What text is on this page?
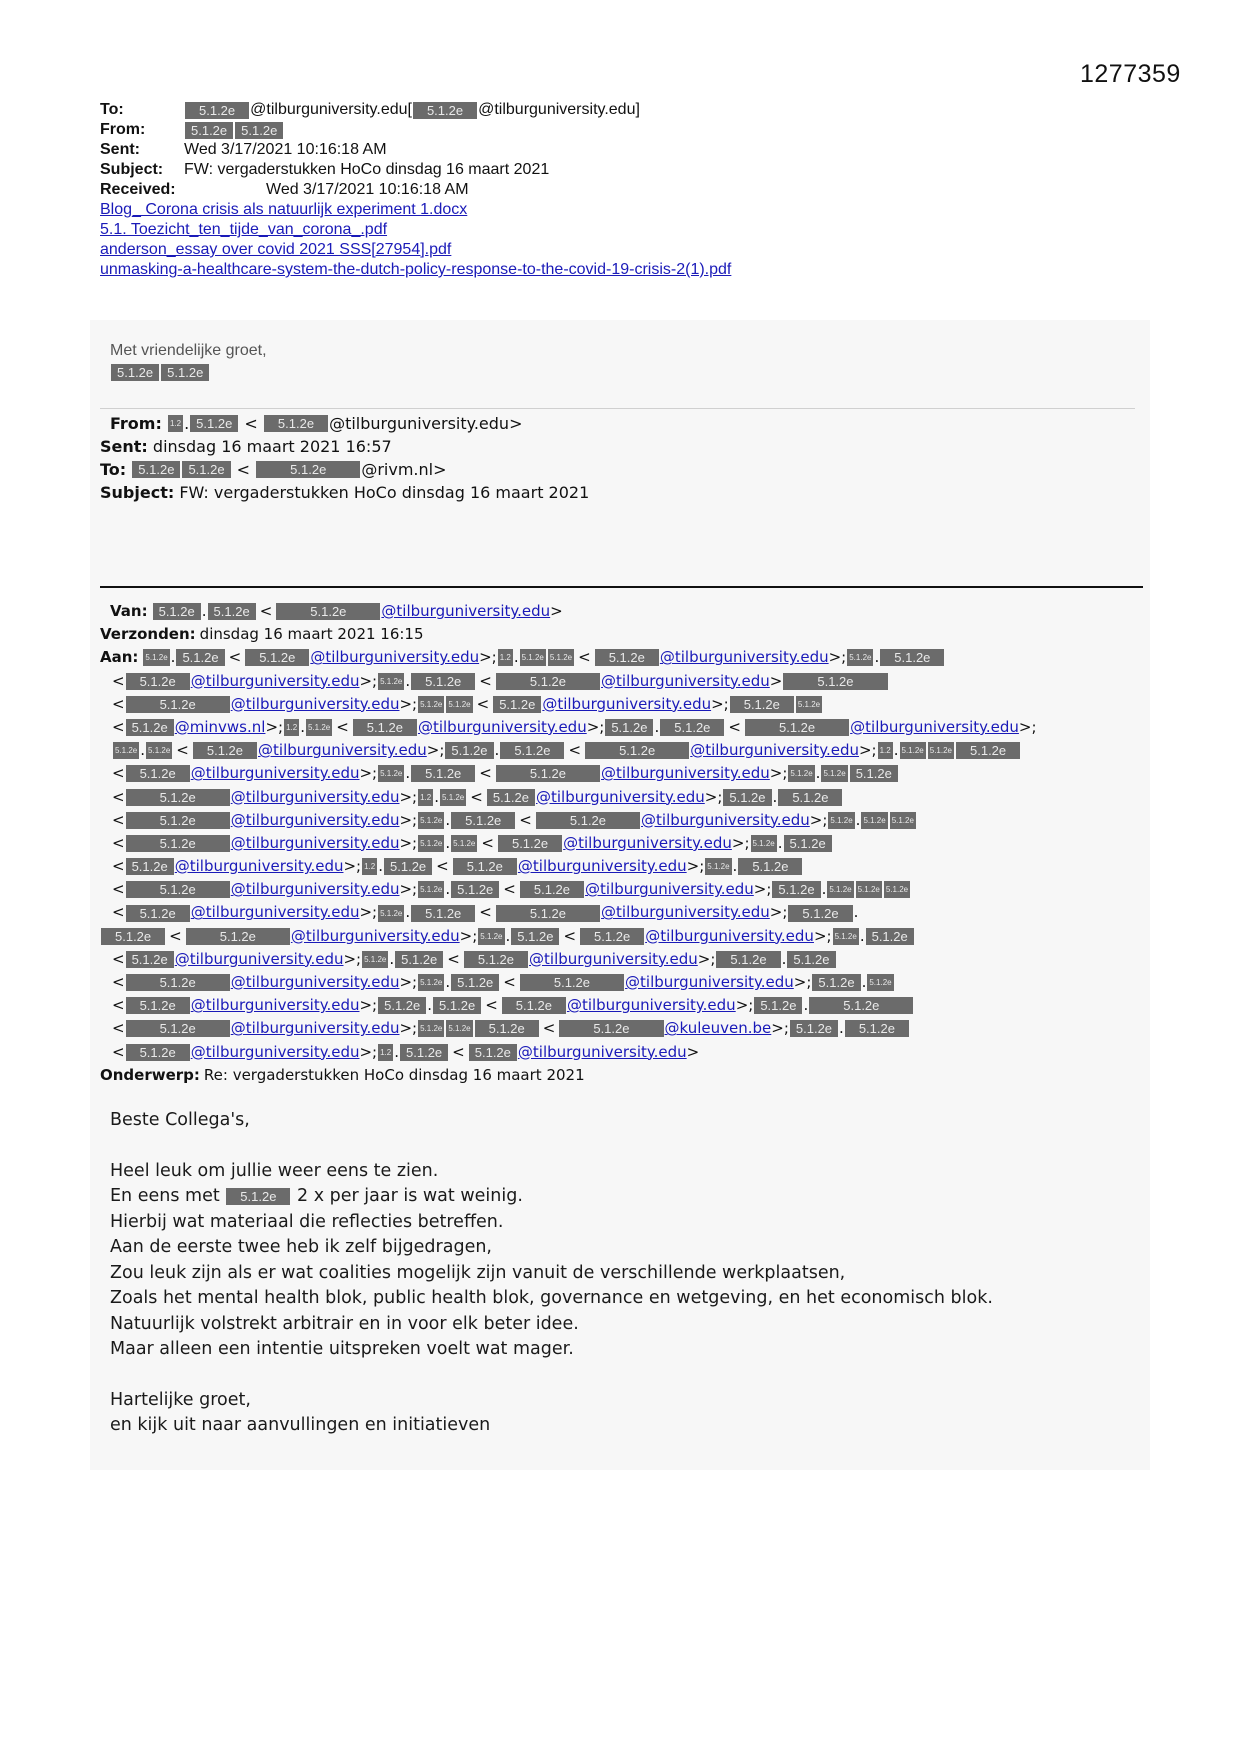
1277359
To:	5.1.2e @tilburguniversity.edu[	5.1.2e @tilburguniversity.edu]
From:	5.1.2e	5.1.2e
Sent:	Wed 3/17/2021 10:16:18 AM
Subject:	FW: vergaderstukken HoCo dinsdag 16 maart 2021
Received:	Wed 3/17/2021 10:16:18 AM
Blog_ Corona crisis als natuurlijk experiment 1.docx
5.1. Toezicht_ten_tijde_van_corona_.pdf
anderson_essay over covid 2021 SSS[27954].pdf
unmasking-a-healthcare-system-the-dutch-policy-response-to-the-covid-19-crisis-2(1).pdf
Met vriendelijke groet,
5.1.2e 5.1.2e
From:
1.2 . 5.1.2e <	5.1.2e @tilburguniversity.edu>
Sent:
dinsdag 16 maart 2021 16:57
To:
5.1.2e	5.1.2e <	5.1.2e	@rivm.nl>
Subject:
FW: vergaderstukken HoCo dinsdag 16 maart 2021
Van: 5.1.2e . 5.1.2e <	5.1.2e	@tilburguniversity.edu >
Verzonden: dinsdag 16 maart 2021 16:15
Aan: 5.1.2e . 5.1.2e <	5.1.2e	@tilburguniversity.edu >; 1.2 . 5.1.2e 5.1.2e <	5.1.2e	@tilburguniversity.edu >; 5.1.2e .	5.1.2e
<	5.1.2e	@tilburguniversity.edu >; 5.1.2e .	5.1.2e	<	5.1.2e	@tilburguniversity.edu >	5.1.2e
<	5.1.2e	@tilburguniversity.edu >; 5.1.2e 5.1.2e < 5.1.2e @tilburguniversity.edu >;	5.1.2e	5.1.2e
< 5.1.2e @minvws.nl >; 1.2 . 5.1.2e <	5.1.2e	@tilburguniversity.edu >; 5.1.2e .	5.1.2e	<	5.1.2e	@tilburguniversity.edu >;
5.1.2e . 5.1.2e <	5.1.2e	@tilburguniversity.edu >; 5.1.2e .	5.1.2e	<	5.1.2e	@tilburguniversity.edu >; 1.2 . 5.1.2e 5.1.2e	5.1.2e
<	5.1.2e	@tilburguniversity.edu >; 5.1.2e .	5.1.2e	<	5.1.2e	@tilburguniversity.edu >; 5.1.2e . 5.1.2e 5.1.2e
<	5.1.2e	@tilburguniversity.edu >; 1.2 . 5.1.2e < 5.1.2e @tilburguniversity.edu >; 5.1.2e .	5.1.2e
<	5.1.2e	@tilburguniversity.edu >; 5.1.2e .	5.1.2e	<	5.1.2e	@tilburguniversity.edu >; 5.1.2e . 5.1.2e 5.1.2e
<	5.1.2e	@tilburguniversity.edu >; 5.1.2e . 5.1.2e <	5.1.2e	@tilburguniversity.edu >; 5.1.2e . 5.1.2e
< 5.1.2e @tilburguniversity.edu >; 1.2 . 5.1.2e <	5.1.2e	@tilburguniversity.edu >; 5.1.2e .	5.1.2e
<	5.1.2e	@tilburguniversity.edu >; 5.1.2e . 5.1.2e <	5.1.2e	@tilburguniversity.edu >; 5.1.2e . 5.1.2e 5.1.2e 5.1.2e
<	5.1.2e	@tilburguniversity.edu >; 5.1.2e .	5.1.2e	<	5.1.2e	@tilburguniversity.edu >;	5.1.2e	.
5.1.2e	<	5.1.2e	@tilburguniversity.edu >; 5.1.2e . 5.1.2e <	5.1.2e	@tilburguniversity.edu >; 5.1.2e . 5.1.2e
< 5.1.2e @tilburguniversity.edu >; 5.1.2e . 5.1.2e <	5.1.2e	@tilburguniversity.edu >;	5.1.2e	. 5.1.2e
<	5.1.2e	@tilburguniversity.edu >; 5.1.2e . 5.1.2e <	5.1.2e	@tilburguniversity.edu >; 5.1.2e . 5.1.2e
<	5.1.2e	@tilburguniversity.edu >; 5.1.2e . 5.1.2e <	5.1.2e	@tilburguniversity.edu >; 5.1.2e .	5.1.2e
<	5.1.2e	@tilburguniversity.edu >; 5.1.2e 5.1.2e	5.1.2e	<	5.1.2e	@kuleuven.be >; 5.1.2e .	5.1.2e
<	5.1.2e	@tilburguniversity.edu >; 1.2 . 5.1.2e < 5.1.2e @tilburguniversity.edu >
Onderwerp: Re: vergaderstukken HoCo dinsdag 16 maart 2021

Beste Collega's,

Heel leuk om jullie weer eens te zien.

En eens met 5.1.2e 2 x per jaar is wat weinig.

Hierbij wat materiaal die reflecties betreffen.

Aan de eerste twee heb ik zelf bijgedragen,

Zou leuk zijn als er wat coalities mogelijk zijn vanuit de verschillende werkplaatsen,

Zoals het mental health blok, public health blok, governance en wetgeving, en het economisch blok.

Natuurlijk volstrekt arbitrair en in voor elk beter idee.

Maar alleen een intentie uitspreken voelt wat mager.

Hartelijke groet,

en kijk uit naar aanvullingen en initiatieven
